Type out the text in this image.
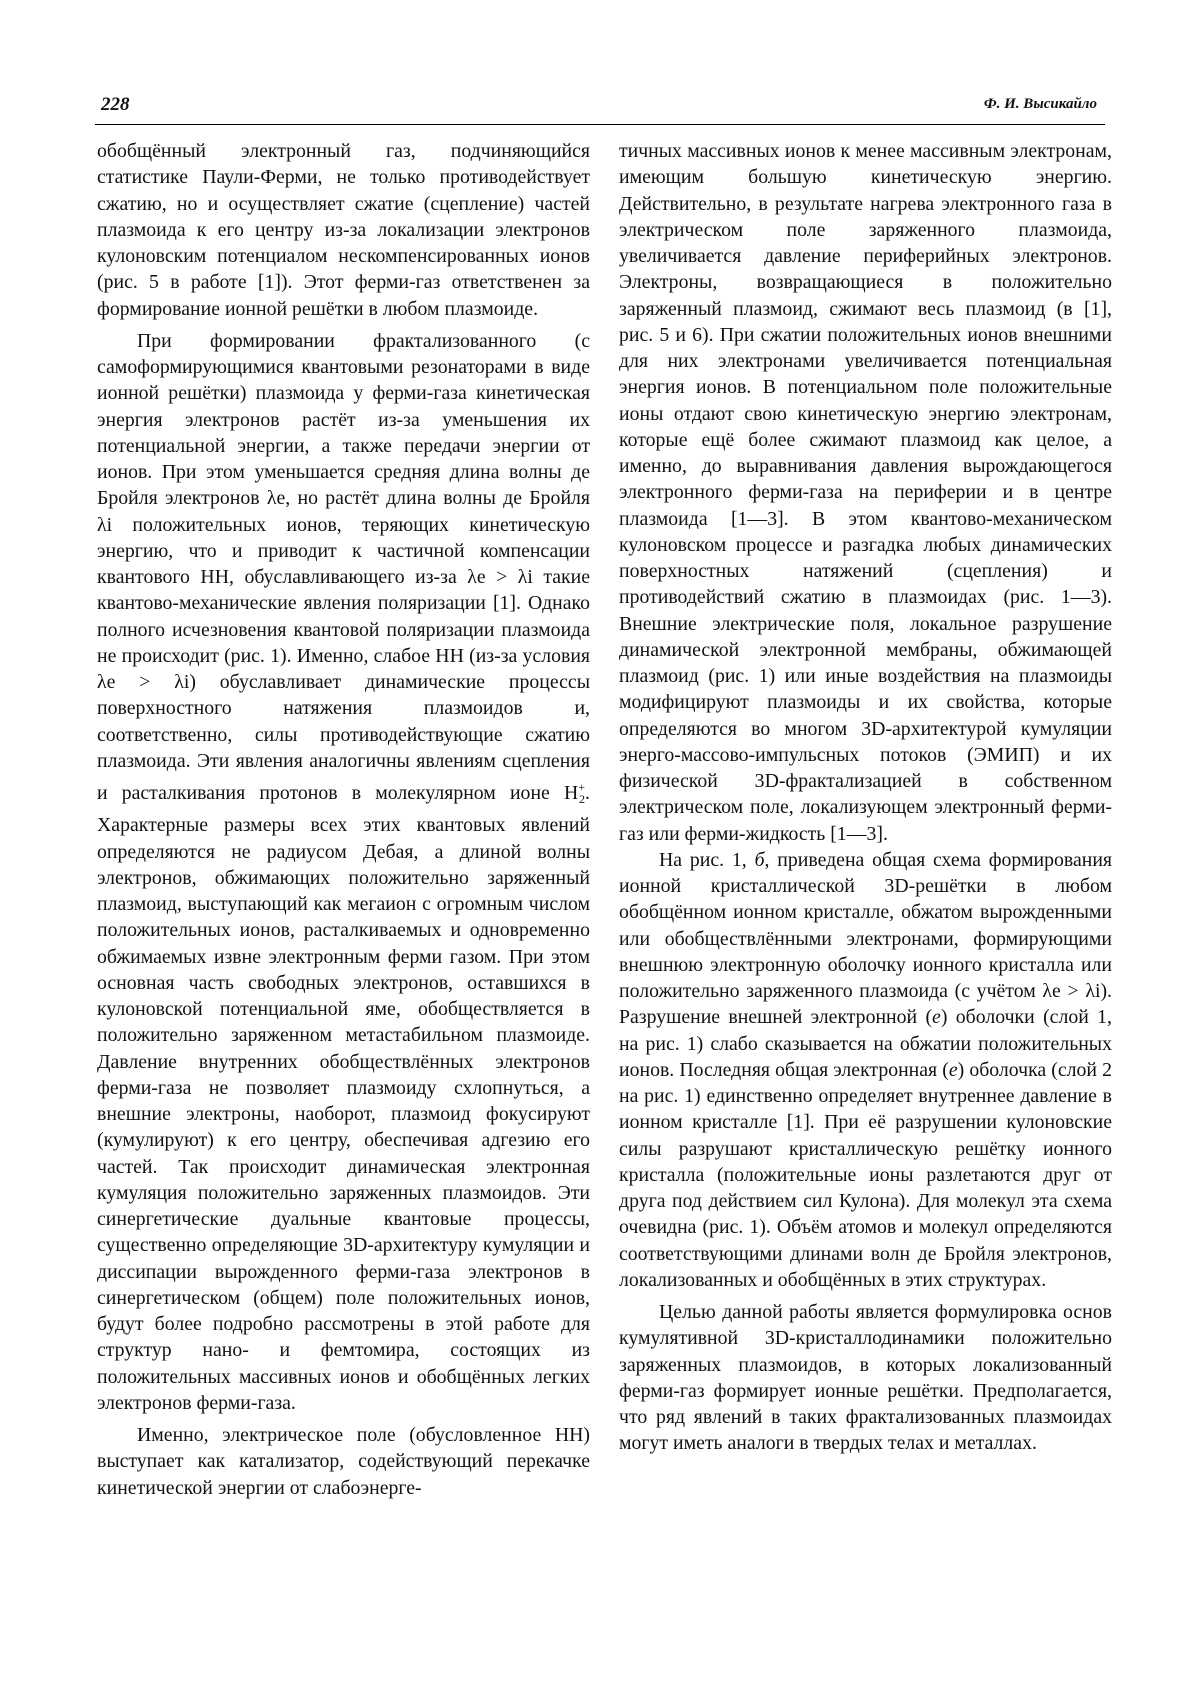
228	Ф. И. Высикайло

обобщённый электронный газ, подчиняющийся статистике Паули-Ферми, не только противодействует сжатию, но и осуществляет сжатие (сцепление) частей плазмоида к его центру из-за локализации электронов кулоновским потенциалом нескомпенсированных ионов (рис. 5 в работе [1]). Этот ферми-газ ответственен за формирование ионной решётки в любом плазмоиде.

При формировании фрактализованного (с самоформирующимися квантовыми резонаторами в виде ионной решётки) плазмоида у ферми-газа кинетическая энергия электронов растёт из-за уменьшения их потенциальной энергии, а также передачи энергии от ионов. При этом уменьшается средняя длина волны де Бройля электронов λe, но растёт длина волны де Бройля λi положительных ионов, теряющих кинетическую энергию, что и приводит к частичной компенсации квантового НН, обуславливающего из-за λe > λi такие квантово-механические явления поляризации [1]. Однако полного исчезновения квантовой поляризации плазмоида не происходит (рис. 1). Именно, слабое НН (из-за условия λe > λi) обуславливает динамические процессы поверхностного натяжения плазмоидов и, соответственно, силы противодействующие сжатию плазмоида. Эти явления аналогичны явлениям сцепления и расталкивания протонов в молекулярном ионе $H^+_2$. Характерные размеры всех этих квантовых явлений определяются не радиусом Дебая, а длиной волны электронов, обжимающих положительно заряженный плазмоид, выступающий как мегаион с огромным числом положительных ионов, расталкиваемых и одновременно обжимаемых извне электронным ферми газом. При этом основная часть свободных электронов, оставшихся в кулоновской потенциальной яме, обобществляется в положительно заряженном метастабильном плазмоиде. Давление внутренних обобществлённых электронов ферми-газа не позволяет плазмоиду схлопнуться, а внешние электроны, наоборот, плазмоид фокусируют (кумулируют) к его центру, обеспечивая адгезию его частей. Так происходит динамическая электронная кумуляция положительно заряженных плазмоидов. Эти синергетические дуальные квантовые процессы, существенно определяющие 3D-архитектуру кумуляции и диссипации вырожденного ферми-газа электронов в синергетическом (общем) поле положительных ионов, будут более подробно рассмотрены в этой работе для структур нано- и фемтомира, состоящих из положительных массивных ионов и обобщённых легких электронов ферми-газа.

Именно, электрическое поле (обусловленное НН) выступает как катализатор, содействующий перекачке кинетической энергии от слабоэнерге-

тичных массивных ионов к менее массивным электронам, имеющим большую кинетическую энергию. Действительно, в результате нагрева электронного газа в электрическом поле заряженного плазмоида, увеличивается давление периферийных электронов. Электроны, возвращающиеся в положительно заряженный плазмоид, сжимают весь плазмоид (в [1], рис. 5 и 6). При сжатии положительных ионов внешними для них электронами увеличивается потенциальная энергия ионов. В потенциальном поле положительные ионы отдают свою кинетическую энергию электронам, которые ещё более сжимают плазмоид как целое, а именно, до выравнивания давления вырождающегося электронного ферми-газа на периферии и в центре плазмоида [1—3]. В этом квантово-механическом кулоновском процессе и разгадка любых динамических поверхностных натяжений (сцепления) и противодействий сжатию в плазмоидах (рис. 1—3). Внешние электрические поля, локальное разрушение динамической электронной мембраны, обжимающей плазмоид (рис. 1) или иные воздействия на плазмоиды модифицируют плазмоиды и их свойства, которые определяются во многом 3D-архитектурой кумуляции энерго-массово-импульсных потоков (ЭМИП) и их физической 3D-фрактализацией в собственном электрическом поле, локализующем электронный ферми-газ или ферми-жидкость [1—3].

На рис. 1, б, приведена общая схема формирования ионной кристаллической 3D-решётки в любом обобщённом ионном кристалле, обжатом вырожденными или обобществлёнными электронами, формирующими внешнюю электронную оболочку ионного кристалла или положительно заряженного плазмоида (с учётом λe > λi). Разрушение внешней электронной (е) оболочки (слой 1, на рис. 1) слабо сказывается на обжатии положительных ионов. Последняя общая электронная (е) оболочка (слой 2 на рис. 1) единственно определяет внутреннее давление в ионном кристалле [1]. При её разрушении кулоновские силы разрушают кристаллическую решётку ионного кристалла (положительные ионы разлетаются друг от друга под действием сил Кулона). Для молекул эта схема очевидна (рис. 1). Объём атомов и молекул определяются соответствующими длинами волн де Бройля электронов, локализованных и обобщённых в этих структурах.

Целью данной работы является формулировка основ кумулятивной 3D-кристаллодинамики положительно заряженных плазмоидов, в которых локализованный ферми-газ формирует ионные решётки. Предполагается, что ряд явлений в таких фрактализованных плазмоидах могут иметь аналоги в твердых телах и металлах.
